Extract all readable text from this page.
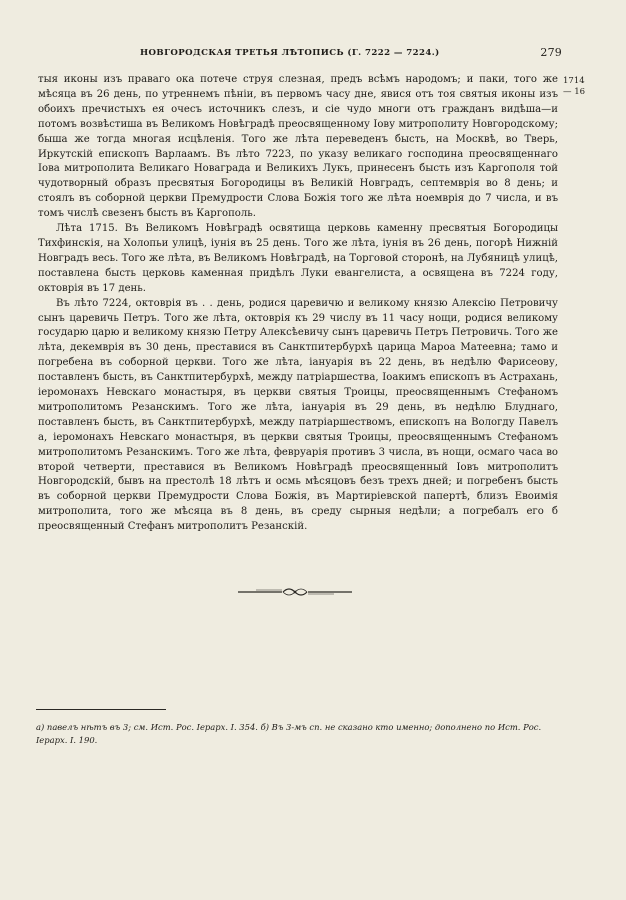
НОВГОРОДСКАЯ ТРЕТЬЯ ЛѢТОПИСЬ (Г. 7222 — 7224.)	279
1714
— 16

тыя иконы изъ праваго ока потече струя слезная, предъ всѣмъ народомъ; и паки, того же мѣсяца въ 26 день, по утреннемъ пѣніи, въ первомъ часу дне, явися отъ тоя святыя иконы изъ обоихъ пречистыхъ ея очесъ источникъ слезъ, и сіе чудо многи отъ гражданъ видѣша—и потомъ возвѣстиша въ Великомъ Новѣградѣ преосвященному Іову митрополиту Новгородскому; быша же тогда многая исцѣленія. Того же лѣта переведенъ бысть, на Москвѣ, во Тверь, Иркутскій епископъ Варлаамъ. Въ лѣто 7223, по указу великаго господина преосвященнаго Іова митрополита Великаго Новаграда и Великихъ Лукъ, принесенъ бысть изъ Каргополя той чудотворный образъ пресвятыя Богородицы въ Великій Новградъ, септемврія во 8 день; и стоялъ въ соборной церкви Премудрости Слова Божія того же лѣта ноемврія до 7 числа, и въ томъ числѣ свезенъ бысть въ Каргополь.

Лѣта 1715. Въ Великомъ Новѣградѣ освятища церковь каменну пресвятыя Богородицы Тихфинскія, на Холопьи улицѣ, іунія въ 25 день. Того же лѣта, іунія въ 26 день, погорѣ Нижній Новградъ весь. Того же лѣта, въ Великомъ Новѣградѣ, на Торговой сторонѣ, на Лубяницѣ улицѣ, поставлена бысть церковь каменная придѣлъ Луки евангелиста, а освящена въ 7224 году, октоврія въ 17 день.

Въ лѣто 7224, октоврія въ . . день, родися царевичю и великому князю Алексію Петровичу сынъ царевичь Петръ. Того же лѣта, октоврія къ 29 числу въ 11 часу нощи, родися великому государю царю и великому князю Петру Алексѣевичу сынъ царевичь Петръ Петровичь. Того же лѣта, декемврія въ 30 день, преставися въ Санктпитербурхѣ царица Мароа Матеевна; тамо и погребена въ соборной церкви. Того же лѣта, іануарія въ 22 день, въ недѣлю Фарисеову, поставленъ бысть, въ Санктпитербурхѣ, между патріаршества, Іоакимъ епископъ въ Астрахань, іеромонахъ Невскаго монастыря, въ церкви святыя Троицы, преосвященнымъ Стефаномъ митрополитомъ Резанскимъ. Того же лѣта, іануарія въ 29 день, въ недѣлю Блуднаго, поставленъ бысть, въ Санктпитербурхѣ, между патріаршествомъ, епископъ на Вологду Павелъ а, іеромонахъ Невскаго монастыря, въ церкви святыя Троицы, преосвященнымъ Стефаномъ митрополитомъ Резанскимъ. Того же лѣта, февруарія противъ 3 числа, въ нощи, осмаго часа во второй четверти, преставися въ Великомъ Новѣградѣ преосвященный Іовъ митрополитъ Новгородскій, бывъ на престолѣ 18 лѣтъ и осмь мѣсяцовъ безъ трехъ дней; и погребенъ бысть въ соборной церкви Премудрости Слова Божія, въ Мартиріевской папертѣ, близъ Евоимія митрополита, того же мѣсяца въ 8 день, въ среду сырныя недѣли; а погребалъ его б преосвященный Стефанъ митрополитъ Резанскій.

а) павелъ нѣтъ въ 3; см. Ист. Рос. Іерарх. I. 354. б) Въ 3-мъ сп. не сказано кто именно; дополнено по Ист. Рос. Іерарх. I. 190.
